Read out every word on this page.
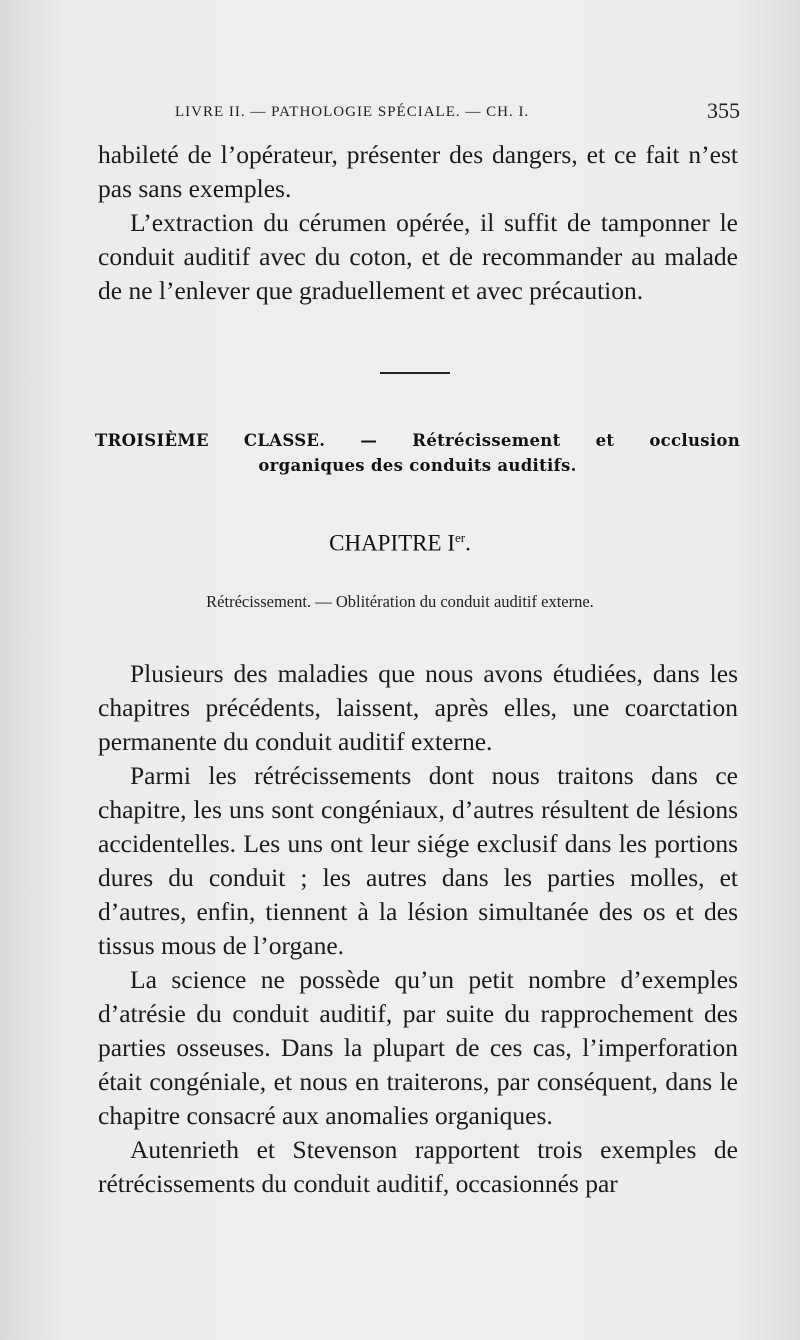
LIVRE II. — PATHOLOGIE SPÉCIALE. — CH. I.	355

habileté de l’opérateur, présenter des dangers, et ce fait n’est pas sans exemples.

L’extraction du cérumen opérée, il suffit de tamponner le conduit auditif avec du coton, et de recommander au malade de ne l’enlever que graduellement et avec précaution.

TROISIÈME CLASSE. — Rétrécissement et occlusion
organiques des conduits auditifs.
CHAPITRE Ier.
Rétrécissement. — Oblitération du conduit auditif externe.

Plusieurs des maladies que nous avons étudiées, dans les chapitres précédents, laissent, après elles, une coarctation permanente du conduit auditif externe.

Parmi les rétrécissements dont nous traitons dans ce chapitre, les uns sont congéniaux, d’autres résultent de lésions accidentelles. Les uns ont leur siége exclusif dans les portions dures du conduit ; les autres dans les parties molles, et d’autres, enfin, tiennent à la lésion simultanée des os et des tissus mous de l’organe.

La science ne possède qu’un petit nombre d’exemples d’atrésie du conduit auditif, par suite du rapprochement des parties osseuses. Dans la plupart de ces cas, l’imperforation était congéniale, et nous en traiterons, par conséquent, dans le chapitre consacré aux anomalies organiques.

Autenrieth et Stevenson rapportent trois exemples de rétrécissements du conduit auditif, occasionnés par
